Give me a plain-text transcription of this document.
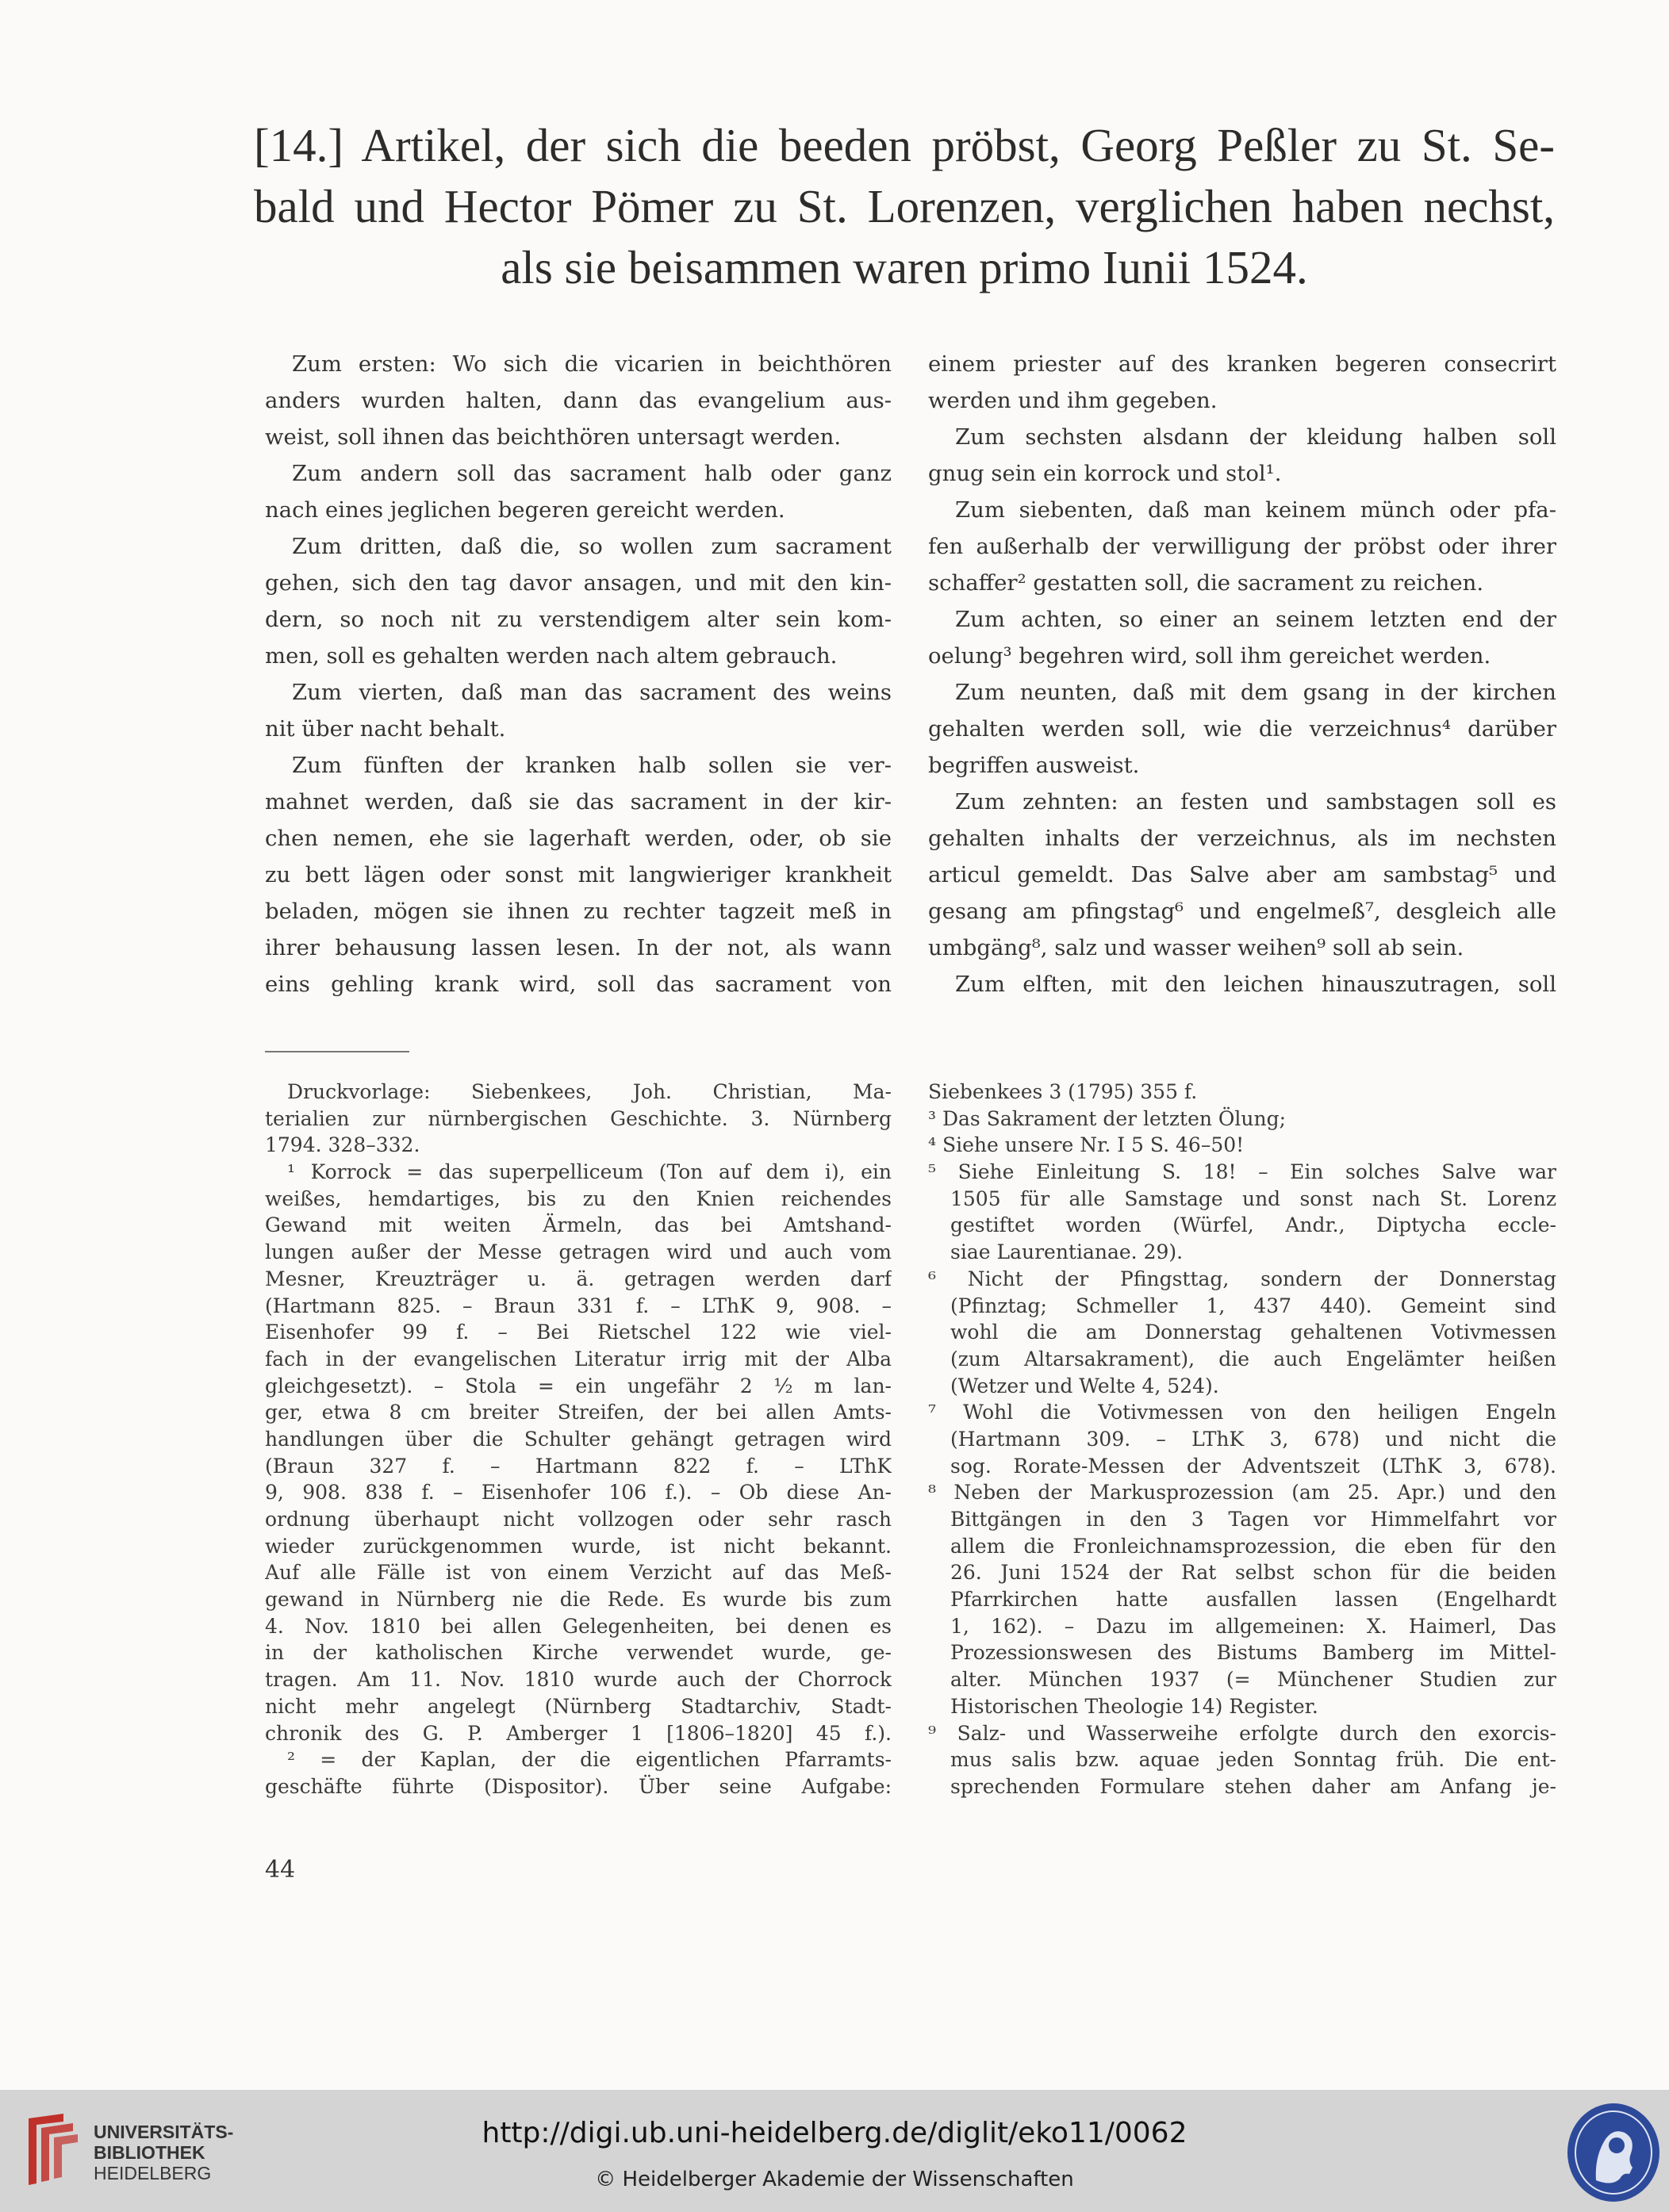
[14.] Artikel, der sich die beeden pröbst, Georg Peßler zu St. Se-
bald und Hector Pömer zu St. Lorenzen, verglichen haben nechst,
als sie beisammen waren primo Iunii 1524.
Zum ersten: Wo sich die vicarien in beichthören
anders wurden halten, dann das evangelium aus-
weist, soll ihnen das beichthören untersagt werden.
Zum andern soll das sacrament halb oder ganz
nach eines jeglichen begeren gereicht werden.
Zum dritten, daß die, so wollen zum sacrament
gehen, sich den tag davor ansagen, und mit den kin-
dern, so noch nit zu verstendigem alter sein kom-
men, soll es gehalten werden nach altem gebrauch.
Zum vierten, daß man das sacrament des weins
nit über nacht behalt.
Zum fünften der kranken halb sollen sie ver-
mahnet werden, daß sie das sacrament in der kir-
chen nemen, ehe sie lagerhaft werden, oder, ob sie
zu bett lägen oder sonst mit langwieriger krankheit
beladen, mögen sie ihnen zu rechter tagzeit meß in
ihrer behausung lassen lesen. In der not, als wann
eins gehling krank wird, soll das sacrament von
einem priester auf des kranken begeren consecrirt
werden und ihm gegeben.
Zum sechsten alsdann der kleidung halben soll
gnug sein ein korrock und stol¹.
Zum siebenten, daß man keinem münch oder pfa-
fen außerhalb der verwilligung der pröbst oder ihrer
schaffer² gestatten soll, die sacrament zu reichen.
Zum achten, so einer an seinem letzten end der
oelung³ begehren wird, soll ihm gereichet werden.
Zum neunten, daß mit dem gsang in der kirchen
gehalten werden soll, wie die verzeichnus⁴ darüber
begriffen ausweist.
Zum zehnten: an festen und sambstagen soll es
gehalten inhalts der verzeichnus, als im nechsten
articul gemeldt. Das Salve aber am sambstag⁵ und
gesang am pfingstag⁶ und engelmeß⁷, desgleich alle
umbgäng⁸, salz und wasser weihen⁹ soll ab sein.
Zum elften, mit den leichen hinauszutragen, soll
Druckvorlage: Siebenkees, Joh. Christian, Ma-
terialien zur nürnbergischen Geschichte. 3. Nürnberg
1794. 328–332.
¹ Korrock = das superpelliceum (Ton auf dem i), ein
weißes, hemdartiges, bis zu den Knien reichendes
Gewand mit weiten Ärmeln, das bei Amtshand-
lungen außer der Messe getragen wird und auch vom
Mesner, Kreuzträger u. ä. getragen werden darf
(Hartmann 825. – Braun 331 f. – LThK 9, 908. –
Eisenhofer 99 f. – Bei Rietschel 122 wie viel-
fach in der evangelischen Literatur irrig mit der Alba
gleichgesetzt). – Stola = ein ungefähr 2 ½ m lan-
ger, etwa 8 cm breiter Streifen, der bei allen Amts-
handlungen über die Schulter gehängt getragen wird
(Braun 327 f. – Hartmann 822 f. – LThK
9, 908. 838 f. – Eisenhofer 106 f.). – Ob diese An-
ordnung überhaupt nicht vollzogen oder sehr rasch
wieder zurückgenommen wurde, ist nicht bekannt.
Auf alle Fälle ist von einem Verzicht auf das Meß-
gewand in Nürnberg nie die Rede. Es wurde bis zum
4. Nov. 1810 bei allen Gelegenheiten, bei denen es
in der katholischen Kirche verwendet wurde, ge-
tragen. Am 11. Nov. 1810 wurde auch der Chorrock
nicht mehr angelegt (Nürnberg Stadtarchiv, Stadt-
chronik des G. P. Amberger 1 [1806–1820] 45 f.).
² = der Kaplan, der die eigentlichen Pfarramts-
geschäfte führte (Dispositor). Über seine Aufgabe:
Siebenkees 3 (1795) 355 f.
³ Das Sakrament der letzten Ölung;
⁴ Siehe unsere Nr. I 5 S. 46–50!
⁵ Siehe Einleitung S. 18! – Ein solches Salve war
1505 für alle Samstage und sonst nach St. Lorenz
gestiftet worden (Würfel, Andr., Diptycha eccle-
siae Laurentianae. 29).
⁶ Nicht der Pfingsttag, sondern der Donnerstag
(Pfinztag; Schmeller 1, 437 440). Gemeint sind
wohl die am Donnerstag gehaltenen Votivmessen
(zum Altarsakrament), die auch Engelämter heißen
(Wetzer und Welte 4, 524).
⁷ Wohl die Votivmessen von den heiligen Engeln
(Hartmann 309. – LThK 3, 678) und nicht die
sog. Rorate-Messen der Adventszeit (LThK 3, 678).
⁸ Neben der Markusprozession (am 25. Apr.) und den
Bittgängen in den 3 Tagen vor Himmelfahrt vor
allem die Fronleichnamsprozession, die eben für den
26. Juni 1524 der Rat selbst schon für die beiden
Pfarrkirchen hatte ausfallen lassen (Engelhardt
1, 162). – Dazu im allgemeinen: X. Haimerl, Das
Prozessionswesen des Bistums Bamberg im Mittel-
alter. München 1937 (= Münchener Studien zur
Historischen Theologie 14) Register.
⁹ Salz- und Wasserweihe erfolgte durch den exorcis-
mus salis bzw. aquae jeden Sonntag früh. Die ent-
sprechenden Formulare stehen daher am Anfang je-
44
UNIVERSITÄTS-
BIBLIOTHEK
HEIDELBERG
http://digi.ub.uni-heidelberg.de/diglit/eko11/0062
© Heidelberger Akademie der Wissenschaften
